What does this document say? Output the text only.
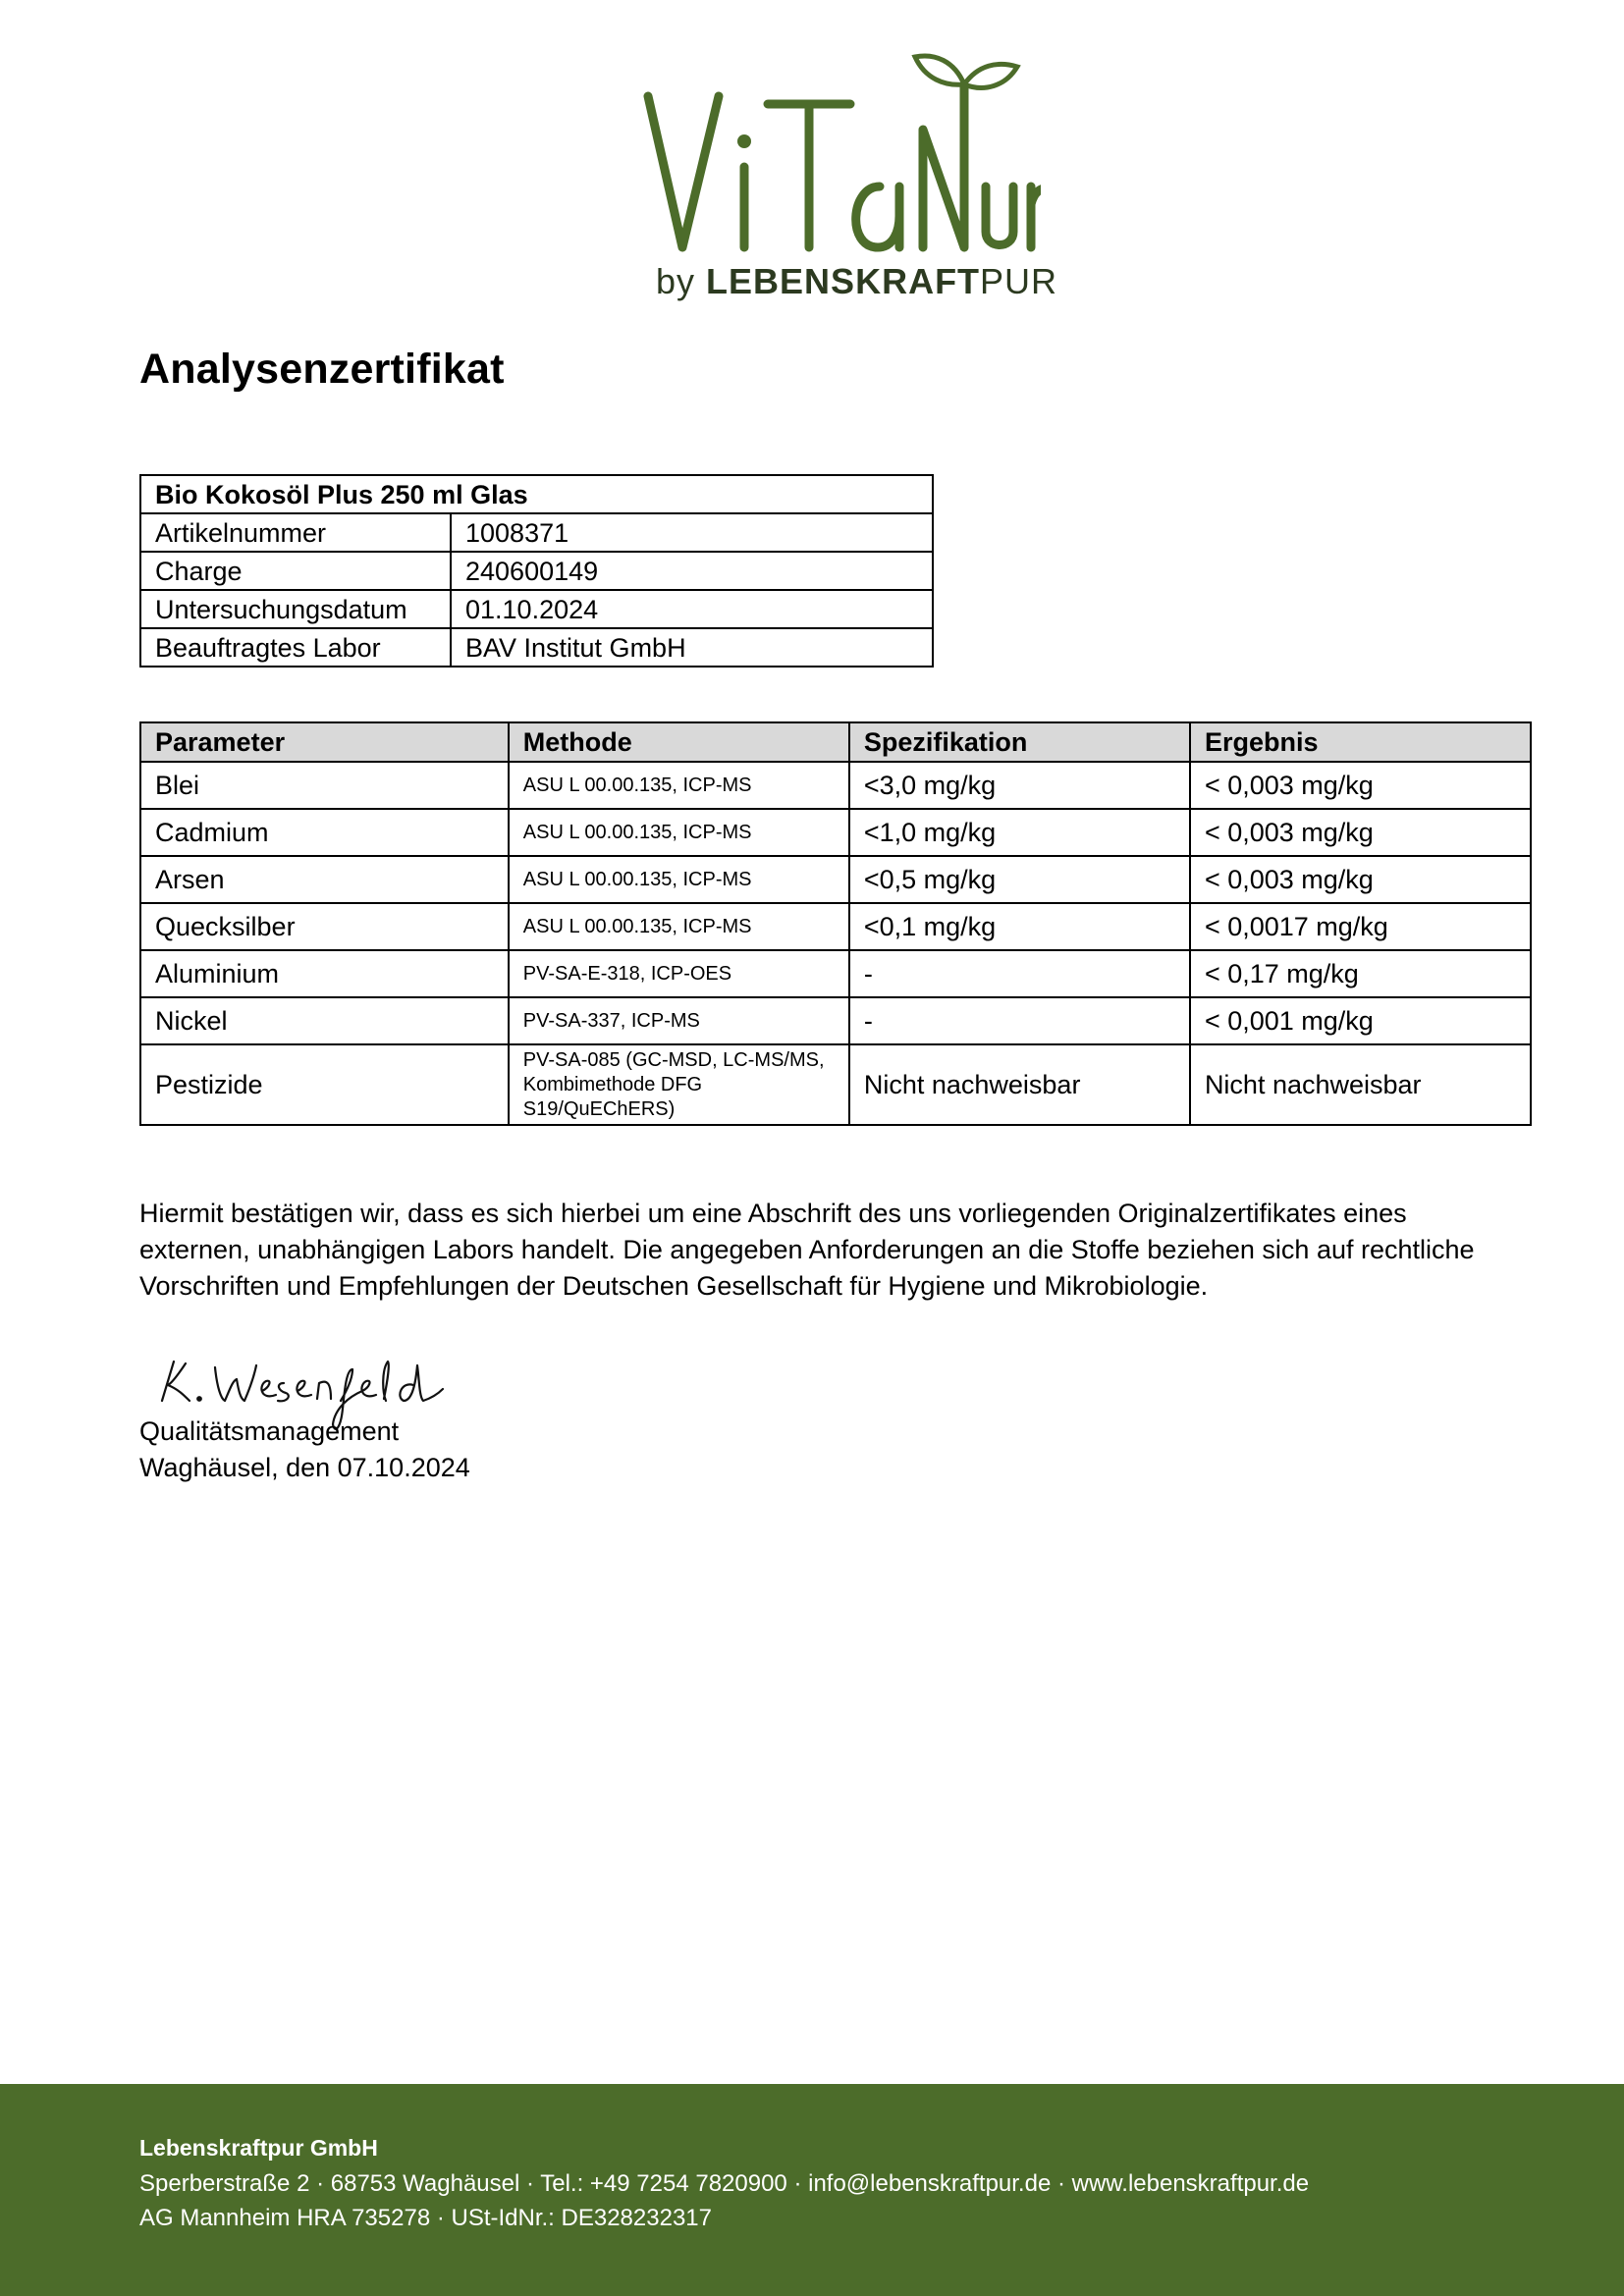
by LEBENSKRAFTPUR
Analysenzertifikat
Bio Kokosöl Plus 250 ml Glas	
Artikelnummer	1008371
Charge	240600149
Untersuchungsdatum	01.10.2024
Beauftragtes Labor	BAV Institut GmbH
Parameter	Methode	Spezifikation	Ergebnis
Blei	ASU L 00.00.135, ICP-MS	<3,0 mg/kg	< 0,003 mg/kg
Cadmium	ASU L 00.00.135, ICP-MS	<1,0 mg/kg	< 0,003 mg/kg
Arsen	ASU L 00.00.135, ICP-MS	<0,5 mg/kg	< 0,003 mg/kg
Quecksilber	ASU L 00.00.135, ICP-MS	<0,1 mg/kg	< 0,0017 mg/kg
Aluminium	PV-SA-E-318, ICP-OES	-	< 0,17 mg/kg
Nickel	PV-SA-337, ICP-MS	-	< 0,001 mg/kg
Pestizide	PV-SA-085 (GC-MSD, LC-MS/MS,
Kombimethode DFG
S19/QuEChERS)	Nicht nachweisbar	Nicht nachweisbar
Hiermit bestätigen wir, dass es sich hierbei um eine Abschrift des uns vorliegenden Originalzertifikates eines
externen, unabhängigen Labors handelt. Die angegeben Anforderungen an die Stoffe beziehen sich auf rechtliche
Vorschriften und Empfehlungen der Deutschen Gesellschaft für Hygiene und Mikrobiologie.
Qualitätsmanagement
Waghäusel, den 07.10.2024
Lebenskraftpur GmbH
Sperberstraße 2 · 68753 Waghäusel · Tel.: +49 7254 7820900 · info@lebenskraftpur.de · www.lebenskraftpur.de
AG Mannheim HRA 735278 · USt-IdNr.: DE328232317
